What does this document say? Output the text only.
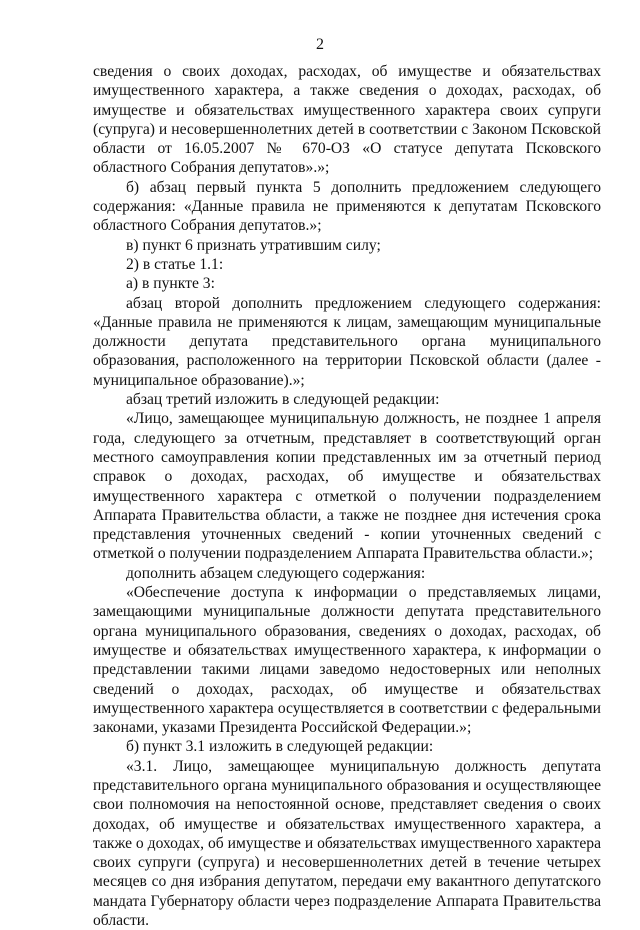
2

сведения о своих доходах, расходах, об имуществе и обязательствах имущественного характера, а также сведения о доходах, расходах, об имуществе и обязательствах имущественного характера своих супруги (супруга) и несовершеннолетних детей в соответствии с Законом Псковской области от 16.05.2007 № 670-ОЗ «О статусе депутата Псковского областного Собрания депутатов».»;

б) абзац первый пункта 5 дополнить предложением следующего содержания: «Данные правила не применяются к депутатам Псковского областного Собрания депутатов.»;

в) пункт 6 признать утратившим силу;

2) в статье 1.1:

а) в пункте 3:

абзац второй дополнить предложением следующего содержания: «Данные правила не применяются к лицам, замещающим муниципальные должности депутата представительного органа муниципального образования, расположенного на территории Псковской области (далее - муниципальное образование).»;

абзац третий изложить в следующей редакции:

«Лицо, замещающее муниципальную должность, не позднее 1 апреля года, следующего за отчетным, представляет в соответствующий орган местного самоуправления копии представленных им за отчетный период справок о доходах, расходах, об имуществе и обязательствах имущественного характера с отметкой о получении подразделением Аппарата Правительства области, а также не позднее дня истечения срока представления уточненных сведений - копии уточненных сведений с отметкой о получении подразделением Аппарата Правительства области.»;

дополнить абзацем следующего содержания:

«Обеспечение доступа к информации о представляемых лицами, замещающими муниципальные должности депутата представительного органа муниципального образования, сведениях о доходах, расходах, об имуществе и обязательствах имущественного характера, к информации о представлении такими лицами заведомо недостоверных или неполных сведений о доходах, расходах, об имуществе и обязательствах имущественного характера осуществляется в соответствии с федеральными законами, указами Президента Российской Федерации.»;

б) пункт 3.1 изложить в следующей редакции:

«3.1. Лицо, замещающее муниципальную должность депутата представительного органа муниципального образования и осуществляющее свои полномочия на непостоянной основе, представляет сведения о своих доходах, об имуществе и обязательствах имущественного характера, а также о доходах, об имуществе и обязательствах имущественного характера своих супруги (супруга) и несовершеннолетних детей в течение четырех месяцев со дня избрания депутатом, передачи ему вакантного депутатского мандата Губернатору области через подразделение Аппарата Правительства области.
